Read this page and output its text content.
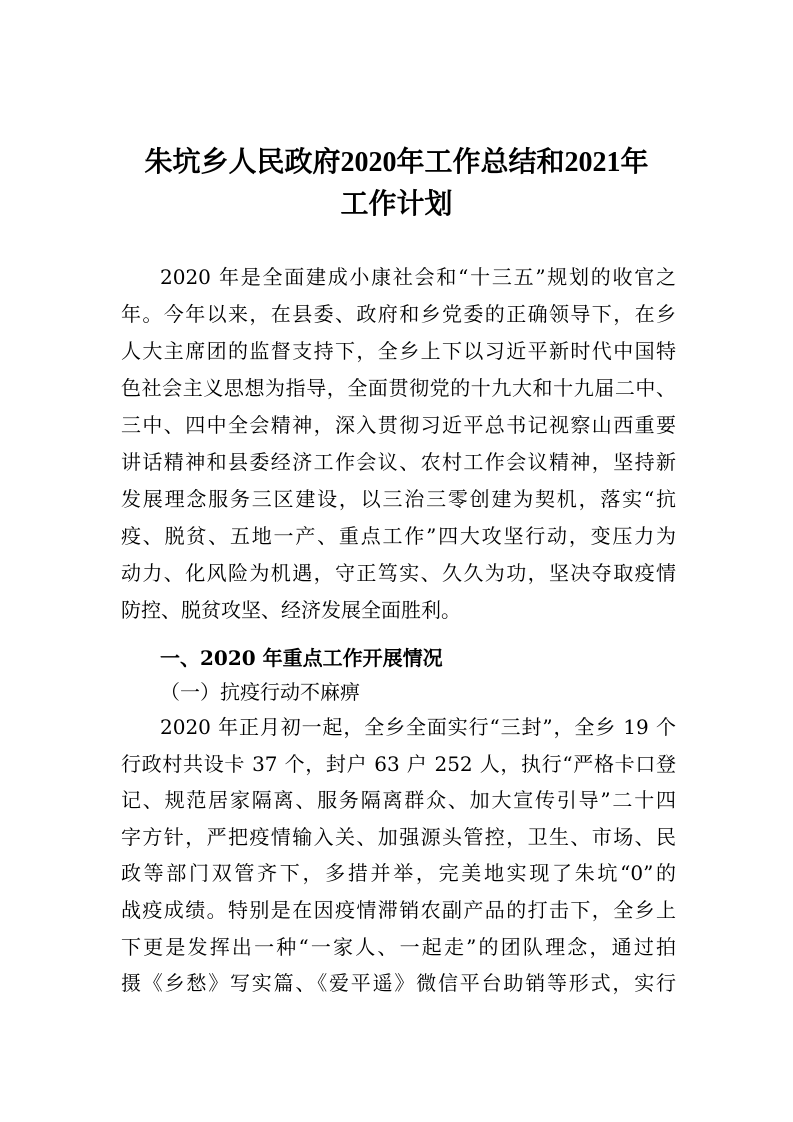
朱坑乡人民政府2020年工作总结和2021年
工作计划
2020 年是全面建成小康社会和“十三五”规划的收官之
年。今年以来，在县委、政府和乡党委的正确领导下，在乡
人大主席团的监督支持下，全乡上下以习近平新时代中国特
色社会主义思想为指导，全面贯彻党的十九大和十九届二中、
三中、四中全会精神，深入贯彻习近平总书记视察山西重要
讲话精神和县委经济工作会议、农村工作会议精神，坚持新
发展理念服务三区建设，以三治三零创建为契机，落实“抗
疫、脱贫、五地一产、重点工作”四大攻坚行动，变压力为
动力、化风险为机遇，守正笃实、久久为功，坚决夺取疫情
防控、脱贫攻坚、经济发展全面胜利。
一、2020 年重点工作开展情况
（一）抗疫行动不麻痹
2020 年正月初一起，全乡全面实行“三封”，全乡 19 个
行政村共设卡 37 个，封户 63 户 252 人，执行“严格卡口登
记、规范居家隔离、服务隔离群众、加大宣传引导”二十四
字方针，严把疫情输入关、加强源头管控，卫生、市场、民
政等部门双管齐下，多措并举，完美地实现了朱坑“0”的
战疫成绩。特别是在因疫情滞销农副产品的打击下，全乡上
下更是发挥出一种“一家人、一起走”的团队理念，通过拍
摄《乡愁》写实篇、《爱平遥》微信平台助销等形式，实行
